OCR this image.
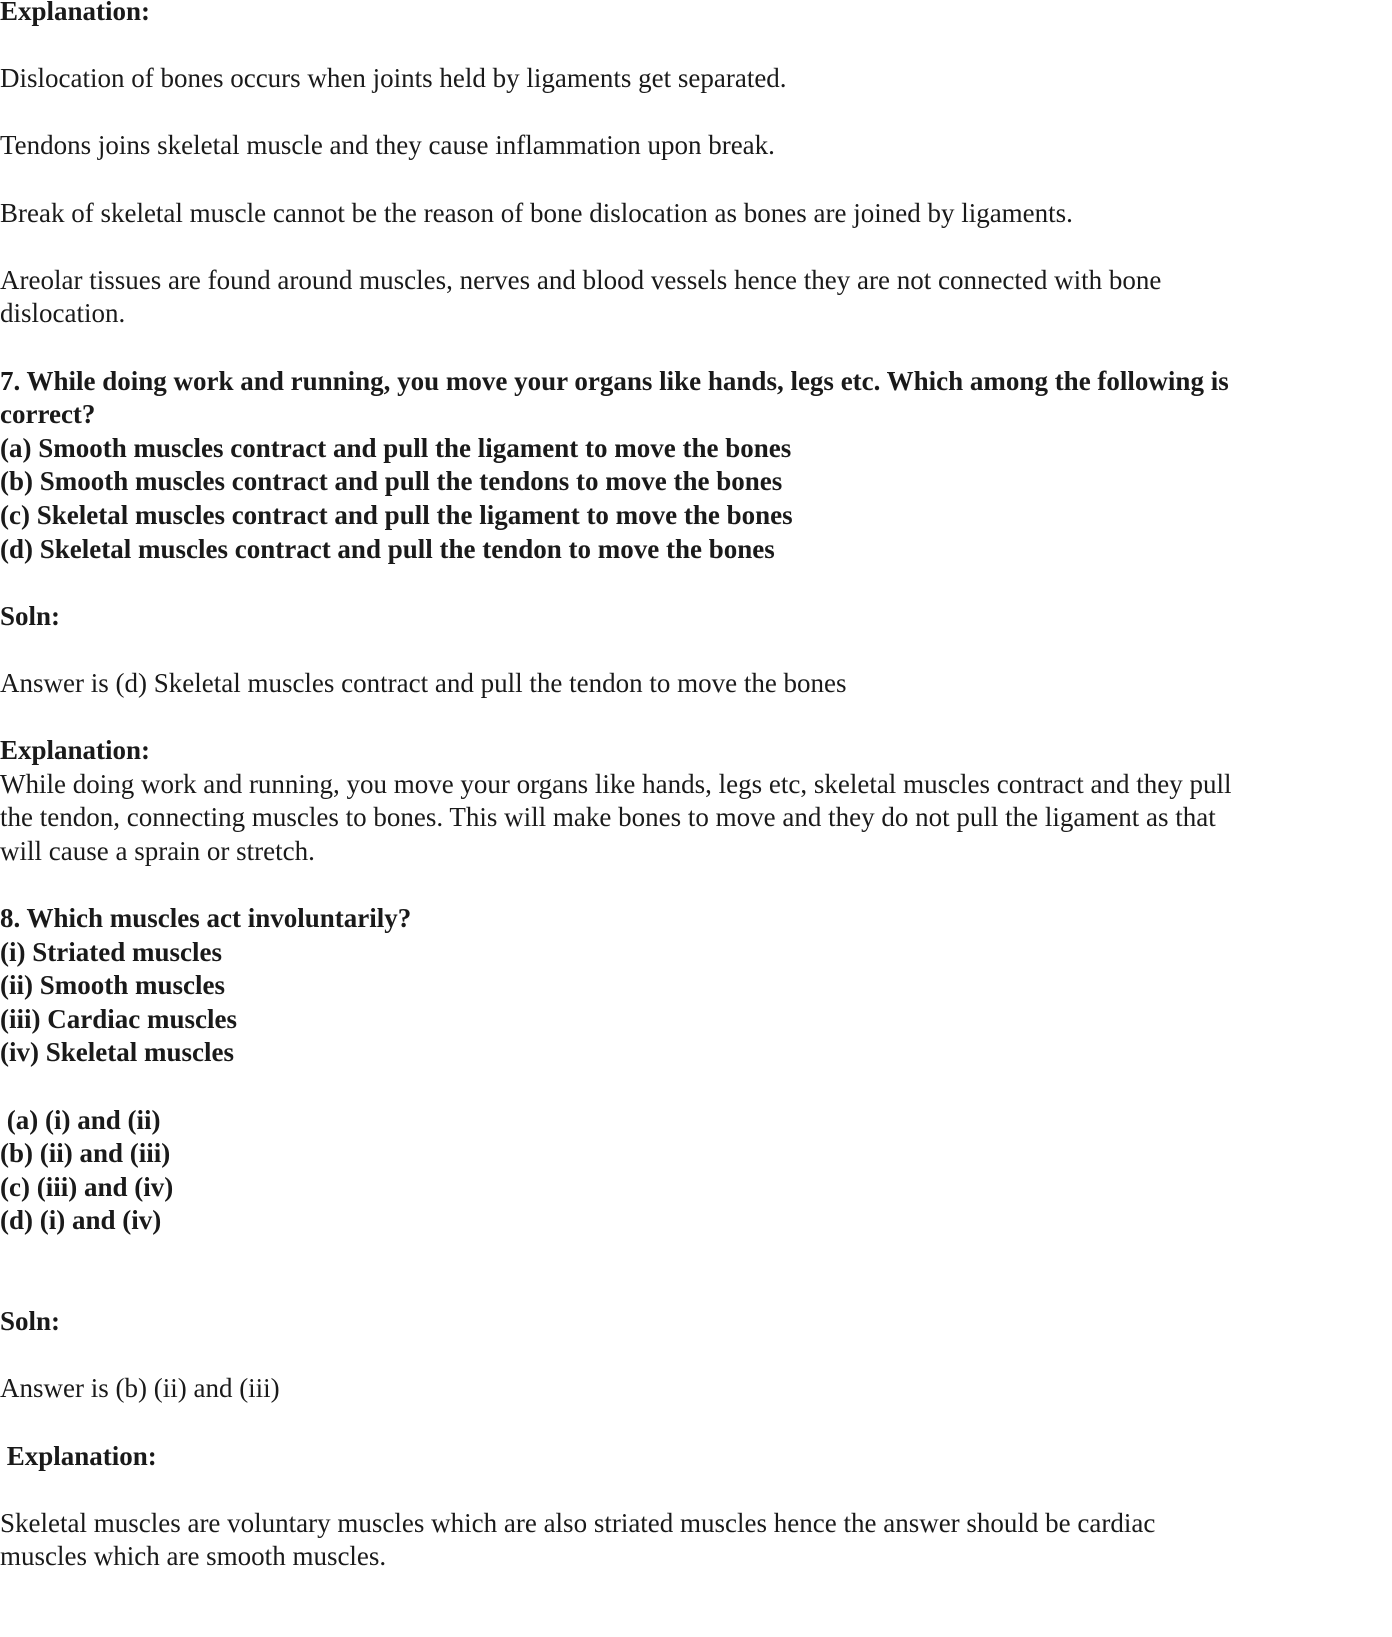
Explanation:
Dislocation of bones occurs when joints held by ligaments get separated.
Tendons joins skeletal muscle and they cause inflammation upon break.
Break of skeletal muscle cannot be the reason of bone dislocation as bones are joined by ligaments.
Areolar tissues are found around muscles, nerves and blood vessels hence they are not connected with bone
dislocation.
7. While doing work and running, you move your organs like hands, legs etc. Which among the following is
correct?
(a) Smooth muscles contract and pull the ligament to move the bones
(b) Smooth muscles contract and pull the tendons to move the bones
(c) Skeletal muscles contract and pull the ligament to move the bones
(d) Skeletal muscles contract and pull the tendon to move the bones
Soln:
Answer is (d) Skeletal muscles contract and pull the tendon to move the bones
Explanation:
While doing work and running, you move your organs like hands, legs etc, skeletal muscles contract and they pull
the tendon, connecting muscles to bones. This will make bones to move and they do not pull the ligament as that
will cause a sprain or stretch.
8. Which muscles act involuntarily?
(i) Striated muscles
(ii) Smooth muscles
(iii) Cardiac muscles
(iv) Skeletal muscles
(a) (i) and (ii)
(b) (ii) and (iii)
(c) (iii) and (iv)
(d) (i) and (iv)
Soln:
Answer is (b) (ii) and (iii)
Explanation:
Skeletal muscles are voluntary muscles which are also striated muscles hence the answer should be cardiac
muscles which are smooth muscles.
